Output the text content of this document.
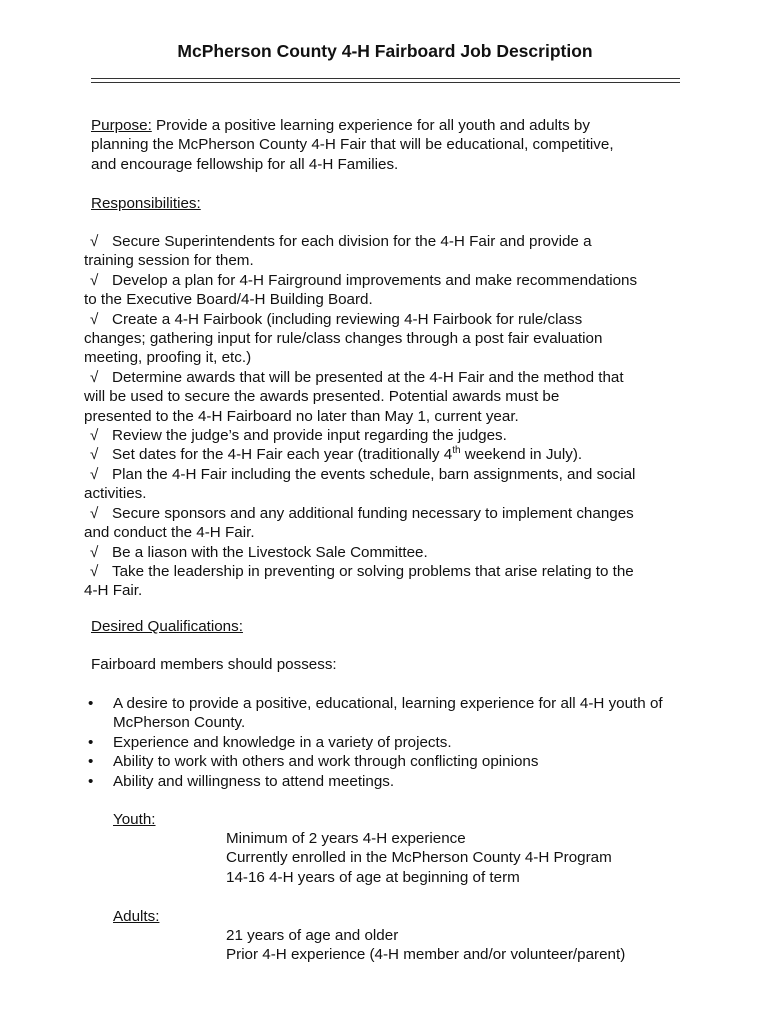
McPherson County 4-H Fairboard Job Description
Purpose: Provide a positive learning experience for all youth and adults by
planning the McPherson County 4-H Fair that will be educational, competitive,
and encourage fellowship for all 4-H Families.
Responsibilities:
√ Secure Superintendents for each division for the 4-H Fair and provide a
training session for them.
√ Develop a plan for 4-H Fairground improvements and make recommendations
to the Executive Board/4-H Building Board.
√ Create a 4-H Fairbook (including reviewing 4-H Fairbook for rule/class
changes; gathering input for rule/class changes through a post fair evaluation
meeting, proofing it, etc.)
√ Determine awards that will be presented at the 4-H Fair and the method that
will be used to secure the awards presented. Potential awards must be
presented to the 4-H Fairboard no later than May 1, current year.
√ Review the judge’s and provide input regarding the judges.
√ Set dates for the 4-H Fair each year (traditionally 4th weekend in July).
√ Plan the 4-H Fair including the events schedule, barn assignments, and social
activities.
√ Secure sponsors and any additional funding necessary to implement changes
and conduct the 4-H Fair.
√ Be a liason with the Livestock Sale Committee.
√ Take the leadership in preventing or solving problems that arise relating to the
4-H Fair.
Desired Qualifications:
Fairboard members should possess:
• A desire to provide a positive, educational, learning experience for all 4-H youth of McPherson County.
• Experience and knowledge in a variety of projects.
• Ability to work with others and work through conflicting opinions
• Ability and willingness to attend meetings.
Youth:
Minimum of 2 years 4-H experience
Currently enrolled in the McPherson County 4-H Program
14-16 4-H years of age at beginning of term
Adults:
21 years of age and older
Prior 4-H experience (4-H member and/or volunteer/parent)
